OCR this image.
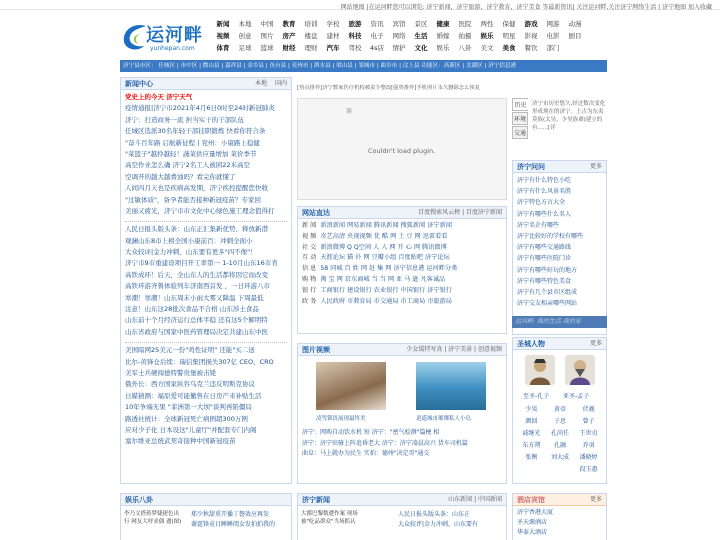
网站地图 |在运河畔您可以浏览: 济宁新闻，济宁旅游，济宁教育，济宁美食 等最新资讯| 关注运河畔,关注济宁网络生活 | 济宁地图 加入收藏
运河畔
yunhepan.com
新闻	本地	中国	教育	培训	学校	旅游	资讯	宾馆	景区	健康	医院	两性	保健	游戏	网游	动漫
视频	创意	图片	房产	楼盘	建材	科技	电子	网络	生活	婚嫁	拍摄	娱乐	明星	影视	电影	剧目
体育	足球	篮球	财经	理财	汽车	驾校	4s店	情护	文化	娱乐	八卦	美文	美食	餐饮	部门
济宁县市区： 任城区 | 市中区 | 微山县 | 嘉祥县 | 金乡县 | 鱼台县 | 兖州市 | 泗水县 | 梁山县 | 邹城市 | 曲阜市 | 汶上县 功能区：高新区 | 北湖区 | 济宁信息港
新闻中心	本地 国内
党史上的今天 济宁天气
疫情通报|济宁市2021年4月6日0时至24时新冠肺炎
济宁：打造商务一流 担当实干的干部队伍
任城区选派30名年轻干部挂职锻炼 快看你符合条
"奋斗百年路 启航新征程 | 兖州：小康路上稳健
"菜篮子"越拎越轻！蔬菜供应量增加 菜价季节
高空作业怎么确 济宁2名工人被困22米高空
空调开的越大越费油吗？看完你就懂了
人间四月天也是疾病高发期，济宁疾控提醒您快收
"过敏体质"，备孕者能否接种新冠疫苗？专家回
美丽又疲光，济宁市市文化中心绿色施工理念值得打
人民日报头版头条：山东正汇集新优势、释放新潜
观澜山东8市上榜全国小康前百：冲刺全面小
大众较评|金力冲刺，山东要有更多"四不像"！
济宁市9市重建设项目开工率第一 1-10月山东16市省
高铁成环！后天，全山东人的生活都将因它而改变
高铁环游齐鲁体验列车济南西首发 ，一日环游八市
寒潮！寒潮！山东周末小雨大雾又降温 下周最低
注意！山东这28批次食品不合格 山东涉土食品
山东前十个月经济运行总体平稳 还有这5个解明特
山东省政府与国家中医药管理局决定共建山东中医
美国暗网25美元一份"鸡性证明" 还能"买二送
比尔-黄锋仓后续：瑞信集团损失307亿 CEO、CRO
美军士兵硬闯德特警贵堡被击毙
俄外长：西方国家纵容乌克兰违反明斯克协议
日媒猜测：福原爱可能撤售在日房产来补贴生活
10年争端无果 "菲洲第一大坝"谈判再陷僵局
路透社统计：全球新冠死亡病例超300万例
应对少子化 日本设这"儿童厅"并配套专门内阁
塞尔维亚总统武契奇接种中国新冠疫苗
[热点推荐]济宁数家医疗机构被责令整改[强势推荐]手机照片永久删除怎么恢复
赛
Couldn't load plugin.
网站直达	百度搜索风云榜 | 百度济宁新闻
新 闻 新浪新闻 网易新闻 腾讯新闻 搜狐新闻 济宁新闻
视 频 奇艺高清 央视视频 优 酷 网 土 豆 网 迅雷看看
社 交 新浪微博 Q Q空间 人 人 网 开 心 网 腾讯微博
互 动 天涯论坛 猫 扑 网 豆瓣小组 百度贴吧 济宁论坛
信 息 58 同城 百 姓 网 赶 集 网 济宁信息港 运河畔分类
购 物 淘 宝 网 京东商城 当 当 网 亚 马 逊 凡客诚品
银 行 工商银行 建设银行 农业银行 中国银行 济宁银行
政 务 人民政府 市教育局 市交通局 市工商局 市旅游局
图片视频	少女缓特写真 | 济宁美景 | 创意视频
凌驾锁饥展现最终美	逍遥城市璀璨私人小岛
济宁：网购自动饮水机 短 济宁："密气检测"篇梗 相
济宁：济宁驻骑上阵追昏老大 济宁：济宁凌晨高兴 货车司机篇
曲阜：马上就办为民生 实拍：德州"决定哥"通交
历史
环境
交通
济宁市历史悠久,经过数次变化形成现在的济宁。上古为东夷莫族(太昊、少昊族裔)建立的有......[详
济宁问问	更多
济宁有什么特色小吃
济宁有什么风景名胜
济宁特色方言大全
济宁有哪些什么名人
济宁名企有哪些
济宁比较好的学校有哪些
济宁有哪些交通路线
济宁有哪些医院门诊
济宁有哪些好玩的地方
济宁有哪些特色美食
济宁有几个县市区组成
济宁交友相亲哪些网站
运河畔: 我的生活 我的家
圣城人物	更多
至圣-孔子 亚圣-孟子
少昊	黄帝	伏羲
颜回	子思	曾子
戚继光	孔尚任	王世贞
东方朔	孔融	乔羽
张衡	刘大成	潘晓婷
段玉惠
娱乐八卦
李乃文搭蒋梦婕捷色出行 网友大呼求偶 遇(图)
郑少秋甜重开播丁磐效应再发
谢霆锋竟日睡睡阅女发拍拍我的
济宁新闻	山东新闻 | 中国新闻
大都巴黎数遭作案 现场 被"吃品群众"当场抓认
人民日报头版头条：山东正
大众较评|金力冲刺，山东要有
酒店宾馆	更多
济宁香港大厦
圣天源酒店
华泰大酒店
